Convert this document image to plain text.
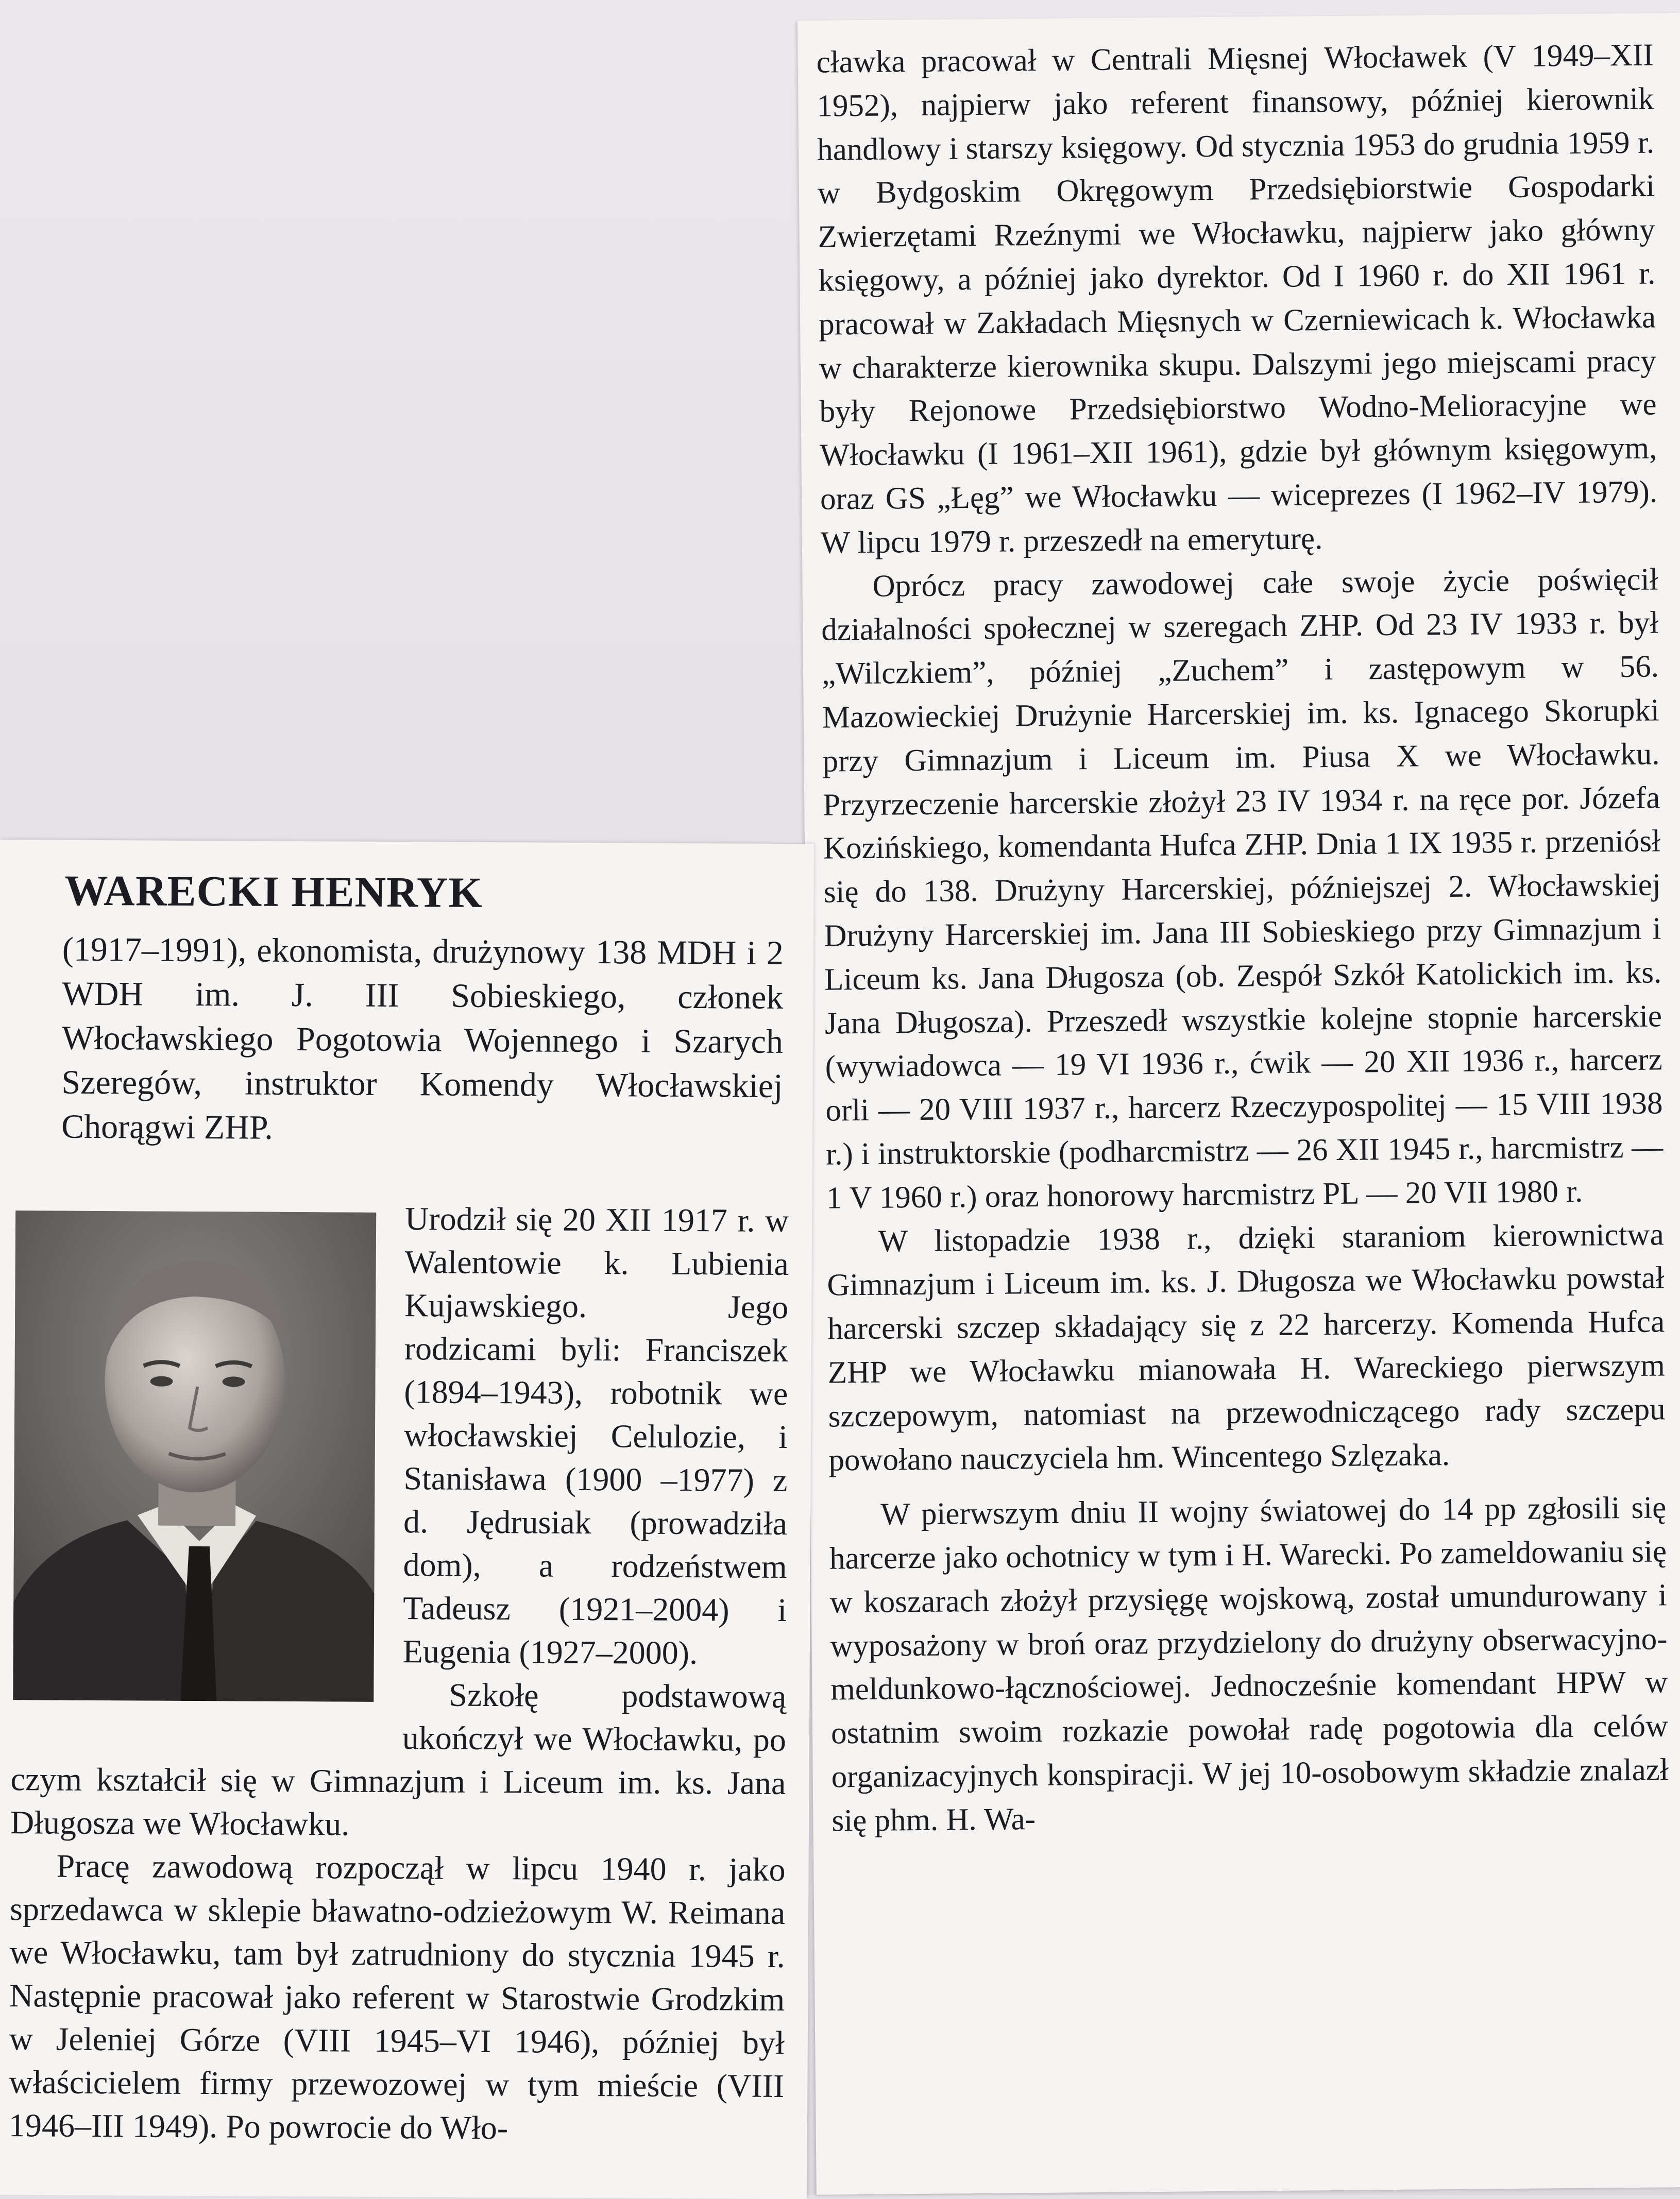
cławka pracował w Centrali Mięsnej Włocławek (V 1949–XII 1952), najpierw jako referent finansowy, później kierownik handlowy i starszy księgowy. Od stycznia 1953 do grudnia 1959 r. w Bydgoskim Okręgowym Przedsiębiorstwie Gospodarki Zwierzętami Rzeźnymi we Włocławku, najpierw jako główny księgowy, a później jako dyrektor. Od I 1960 r. do XII 1961 r. pracował w Zakładach Mięsnych w Czerniewicach k. Włocławka w charakterze kierownika skupu. Dalszymi jego miejscami pracy były Rejonowe Przedsiębiorstwo Wodno-Melioracyjne we Włocławku (I 1961–XII 1961), gdzie był głównym księgowym, oraz GS „Łęg” we Włocławku — wiceprezes (I 1962–IV 1979). W lipcu 1979 r. przeszedł na emeryturę.

Oprócz pracy zawodowej całe swoje życie poświęcił działalności społecznej w szeregach ZHP. Od 23 IV 1933 r. był „Wilczkiem”, później „Zuchem” i zastępowym w 56. Mazowieckiej Drużynie Harcerskiej im. ks. Ignacego Skorupki przy Gimnazjum i Liceum im. Piusa X we Włocławku. Przyrzeczenie harcerskie złożył 23 IV 1934 r. na ręce por. Józefa Kozińskiego, komendanta Hufca ZHP. Dnia 1 IX 1935 r. przeniósł się do 138. Drużyny Harcerskiej, późniejszej 2. Włocławskiej Drużyny Harcerskiej im. Jana III Sobieskiego przy Gimnazjum i Liceum ks. Jana Długosza (ob. Zespół Szkół Katolickich im. ks. Jana Długosza). Przeszedł wszystkie kolejne stopnie harcerskie (wywiadowca — 19 VI 1936 r., ćwik — 20 XII 1936 r., harcerz orli — 20 VIII 1937 r., harcerz Rzeczypospolitej — 15 VIII 1938 r.) i instruktorskie (podharcmistrz — 26 XII 1945 r., harcmistrz — 1 V 1960 r.) oraz honorowy harcmistrz PL — 20 VII 1980 r.

W listopadzie 1938 r., dzięki staraniom kierownictwa Gimnazjum i Liceum im. ks. J. Długosza we Włocławku powstał harcerski szczep składający się z 22 harcerzy. Komenda Hufca ZHP we Włocławku mianowała H. Wareckiego pierwszym szczepowym, natomiast na przewodniczącego rady szczepu powołano nauczyciela hm. Wincentego Szlęzaka.

W pierwszym dniu II wojny światowej do 14 pp zgłosili się harcerze jako ochotnicy w tym i H. Warecki. Po zameldowaniu się w koszarach złożył przysięgę wojskową, został umundurowany i wyposażony w broń oraz przydzielony do drużyny obserwacyjno-meldunkowo-łącznościowej. Jednocześnie komendant HPW w ostatnim swoim rozkazie powołał radę pogotowia dla celów organizacyjnych konspiracji. W jej 10-osobowym składzie znalazł się phm. H. Wa-

WARECKI HENRYK

(1917–1991), ekonomista, drużynowy 138 MDH i 2 WDH im. J. III Sobieskiego, członek Włocławskiego Pogotowia Wojennego i Szarych Szeregów, instruktor Komendy Włocławskiej Chorągwi ZHP.

Urodził się 20 XII 1917 r. w Walentowie k. Lubienia Kujawskiego. Jego rodzicami byli: Franciszek (1894–1943), robotnik we włocławskiej Celulozie, i Stanisława (1900 –1977) z d. Jędrusiak (prowadziła dom), a rodzeństwem Tadeusz (1921–2004) i Eugenia (1927–2000).

Szkołę podstawową ukończył we Włocławku, po czym kształcił się w Gimnazjum i Liceum im. ks. Jana Długosza we Włocławku.

Pracę zawodową rozpoczął w lipcu 1940 r. jako sprzedawca w sklepie bławatno-odzieżowym W. Reimana we Włocławku, tam był zatrudniony do stycznia 1945 r. Następnie pracował jako referent w Starostwie Grodzkim w Jeleniej Górze (VIII 1945–VI 1946), później był właścicielem firmy przewozowej w tym mieście (VIII 1946–III 1949). Po powrocie do Wło-
